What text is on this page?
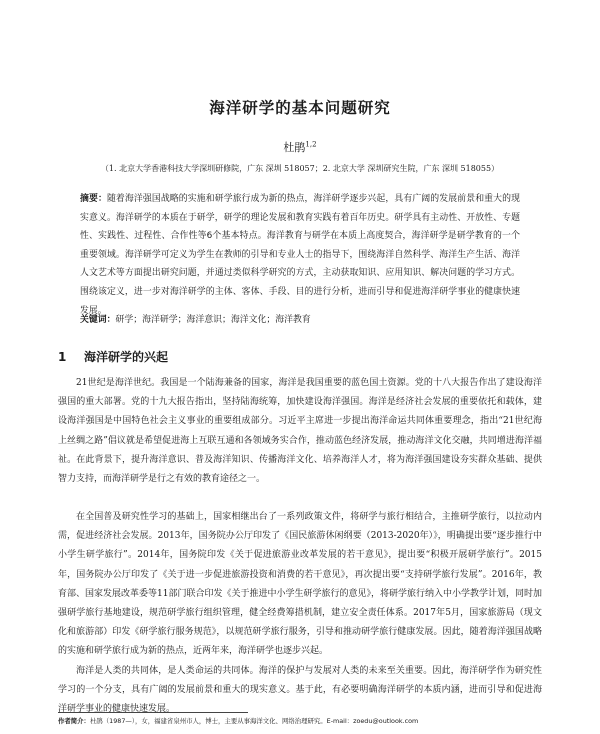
海洋研学的基本问题研究
杜鹃$^{1,2}$
（1. 北京大学香港科技大学深圳研修院，广东 深圳 518057；2. 北京大学 深圳研究生院，广东 深圳 518055）
摘要：随着海洋强国战略的实施和研学旅行成为新的热点，海洋研学逐步兴起，具有广阔的发展前景和重大的现实意义。海洋研学的本质在于研学，研学的理论发展和教育实践有着百年历史。研学具有主动性、开放性、专题性、实践性、过程性、合作性等6个基本特点。海洋教育与研学在本质上高度契合，海洋研学是研学教育的一个重要领域。海洋研学可定义为学生在教师的引导和专业人士的指导下，围绕海洋自然科学、海洋生产生活、海洋人文艺术等方面提出研究问题，并通过类似科学研究的方式，主动获取知识、应用知识、解决问题的学习方式。围绕该定义，进一步对海洋研学的主体、客体、手段、目的进行分析，进而引导和促进海洋研学事业的健康快速发展。
关键词：研学；海洋研学；海洋意识；海洋文化；海洋教育
1 海洋研学的兴起
21世纪是海洋世纪。我国是一个陆海兼备的国家，海洋是我国重要的蓝色国土资源。党的十八大报告作出了建设海洋强国的重大部署。党的十九大报告指出，坚持陆海统筹，加快建设海洋强国。海洋是经济社会发展的重要依托和载体，建设海洋强国是中国特色社会主义事业的重要组成部分。习近平主席进一步提出海洋命运共同体重要理念，指出“21世纪海上丝绸之路”倡议就是希望促进海上互联互通和各领域务实合作，推动蓝色经济发展，推动海洋文化交融，共同增进海洋福祉。在此背景下，提升海洋意识、普及海洋知识、传播海洋文化、培养海洋人才，将为海洋强国建设夯实群众基础、提供智力支持，而海洋研学是行之有效的教育途径之一。
在全国普及研究性学习的基础上，国家相继出台了一系列政策文件，将研学与旅行相结合，主推研学旅行，以拉动内需，促进经济社会发展。2013年，国务院办公厅印发了《国民旅游休闲纲要（2013-2020年）》，明确提出要“逐步推行中小学生研学旅行”。2014年，国务院印发《关于促进旅游业改革发展的若干意见》，提出要“积极开展研学旅行”。2015年，国务院办公厅印发了《关于进一步促进旅游投资和消费的若干意见》，再次提出要“支持研学旅行发展”。2016年，教育部、国家发展改革委等11部门联合印发《关于推进中小学生研学旅行的意见》，将研学旅行纳入中小学教学计划，同时加强研学旅行基地建设，规范研学旅行组织管理，健全经费筹措机制，建立安全责任体系。2017年5月，国家旅游局（现文化和旅游部）印发《研学旅行服务规范》，以规范研学旅行服务，引导和推动研学旅行健康发展。因此，随着海洋强国战略的实施和研学旅行成为新的热点，近两年来，海洋研学也逐步兴起。
海洋是人类的共同体，是人类命运的共同体。海洋的保护与发展对人类的未来至关重要。因此，海洋研学作为研究性学习的一个分支，具有广阔的发展前景和重大的现实意义。基于此，有必要明确海洋研学的本质内涵，进而引导和促进海洋研学事业的健康快速发展。
作者简介：杜鹃（1987—），女，福建省泉州市人，博士，主要从事海洋文化、网络治理研究。E-mail：zoedu@outlook.com
